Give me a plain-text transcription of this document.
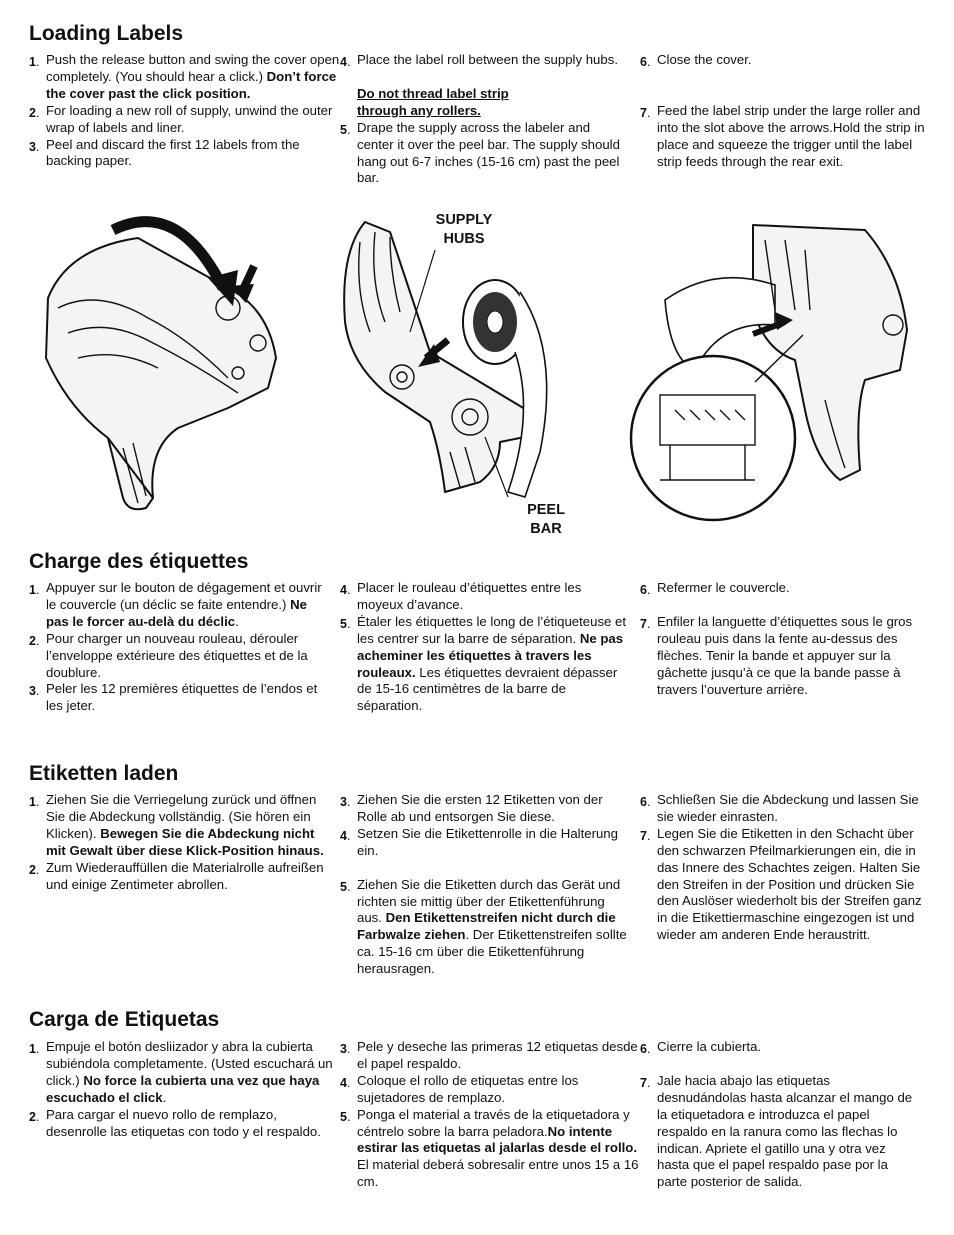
Loading Labels
1 . Push the release button and swing the cover open completely. (You should hear a click.) Don’t force the cover past the click position.
2 . For loading a new roll of supply, unwind the outer wrap of labels and liner.
3 . Peel and discard the first 12 labels from the backing paper.
4 . Place the label roll between the supply hubs.
Do not thread label strip through any rollers.
5 . Drape the supply across the labeler and center it over the peel bar. The supply should hang out 6-7 inches (15-16 cm) past the peel bar.
6 . Close the cover.
7 . Feed the label strip under the large roller and into the slot above the arrows.Hold the strip in place and squeeze the trigger until the label strip feeds through the rear exit.
SUPPLY
HUBS
PEEL
BAR
Charge des étiquettes
1 . Appuyer sur le bouton de dégagement et ouvrir le couvercle (un déclic se faite entendre.) Ne pas le forcer au-delà du déclic.
2 . Pour charger un nouveau rouleau, dérouler l’enveloppe extérieure des étiquettes et de la doublure.
3 . Peler les 12 premières étiquettes de l’endos et les jeter.
4 . Placer le rouleau d’étiquettes entre les moyeux d’avance.
5 . Étaler les étiquettes le long de l’étiqueteuse et les centrer sur la barre de séparation. Ne pas acheminer les étiquettes à travers les rouleaux. Les étiquettes devraient dépasser de 15-16 centimètres de la barre de séparation.
6 . Refermer le couvercle.
7 . Enfiler la languette d’étiquettes sous le gros rouleau puis dans la fente au-dessus des flèches. Tenir la bande et appuyer sur la gâchette jusqu’à ce que la bande passe à travers l’ouverture arrière.
Etiketten laden
1 . Ziehen Sie die Verriegelung zurück und öffnen Sie die Abdeckung vollständig. (Sie hören ein Klicken). Bewegen Sie die Abdeckung nicht mit Gewalt über diese Klick-Position hinaus.
2 . Zum Wiederauffüllen die Materialrolle aufreißen und einige Zentimeter abrollen.
3 . Ziehen Sie die ersten 12 Etiketten von der Rolle ab und entsorgen Sie diese.
4 . Setzen Sie die Etikettenrolle in die Halterung ein.
5 . Ziehen Sie die Etiketten durch das Gerät und richten sie mittig über der Etikettenführung aus. Den Etikettenstreifen nicht durch die Farbwalze ziehen. Der Etikettenstreifen sollte ca. 15-16 cm über die Etikettenführung herausragen.
6 . Schließen Sie die Abdeckung und lassen Sie sie wieder einrasten.
7 . Legen Sie die Etiketten in den Schacht über den schwarzen Pfeilmarkierungen ein, die in das Innere des Schachtes zeigen. Halten Sie den Streifen in der Position und drücken Sie den Auslöser wiederholt bis der Streifen ganz in die Etikettiermaschine eingezogen ist und wieder am anderen Ende heraustritt.
Carga de Etiquetas
1 . Empuje el botón desliizador y abra la cubierta subiéndola completamente. (Usted escuchará un click.) No force la cubierta una vez que haya escuchado el click.
2 . Para cargar el nuevo rollo de remplazo, desenrolle las etiquetas con todo y el respaldo.
3 . Pele y deseche las primeras 12 etiquetas desde el papel respaldo.
4 . Coloque el rollo de etiquetas entre los sujetadores de remplazo.
5 . Ponga el material a través de la etiquetadora y céntrelo sobre la barra peladora.No intente estirar las etiquetas al jalarlas desde el rollo. El material deberá sobresalir entre unos 15 a 16 cm.
6 . Cierre la cubierta.
7 . Jale hacia abajo las etiquetas desnudándolas hasta alcanzar el mango de la etiquetadora e introduzca el papel respaldo en la ranura como las flechas lo indican. Apriete el gatillo una y otra vez hasta que el papel respaldo pase por la parte posterior de salida.
